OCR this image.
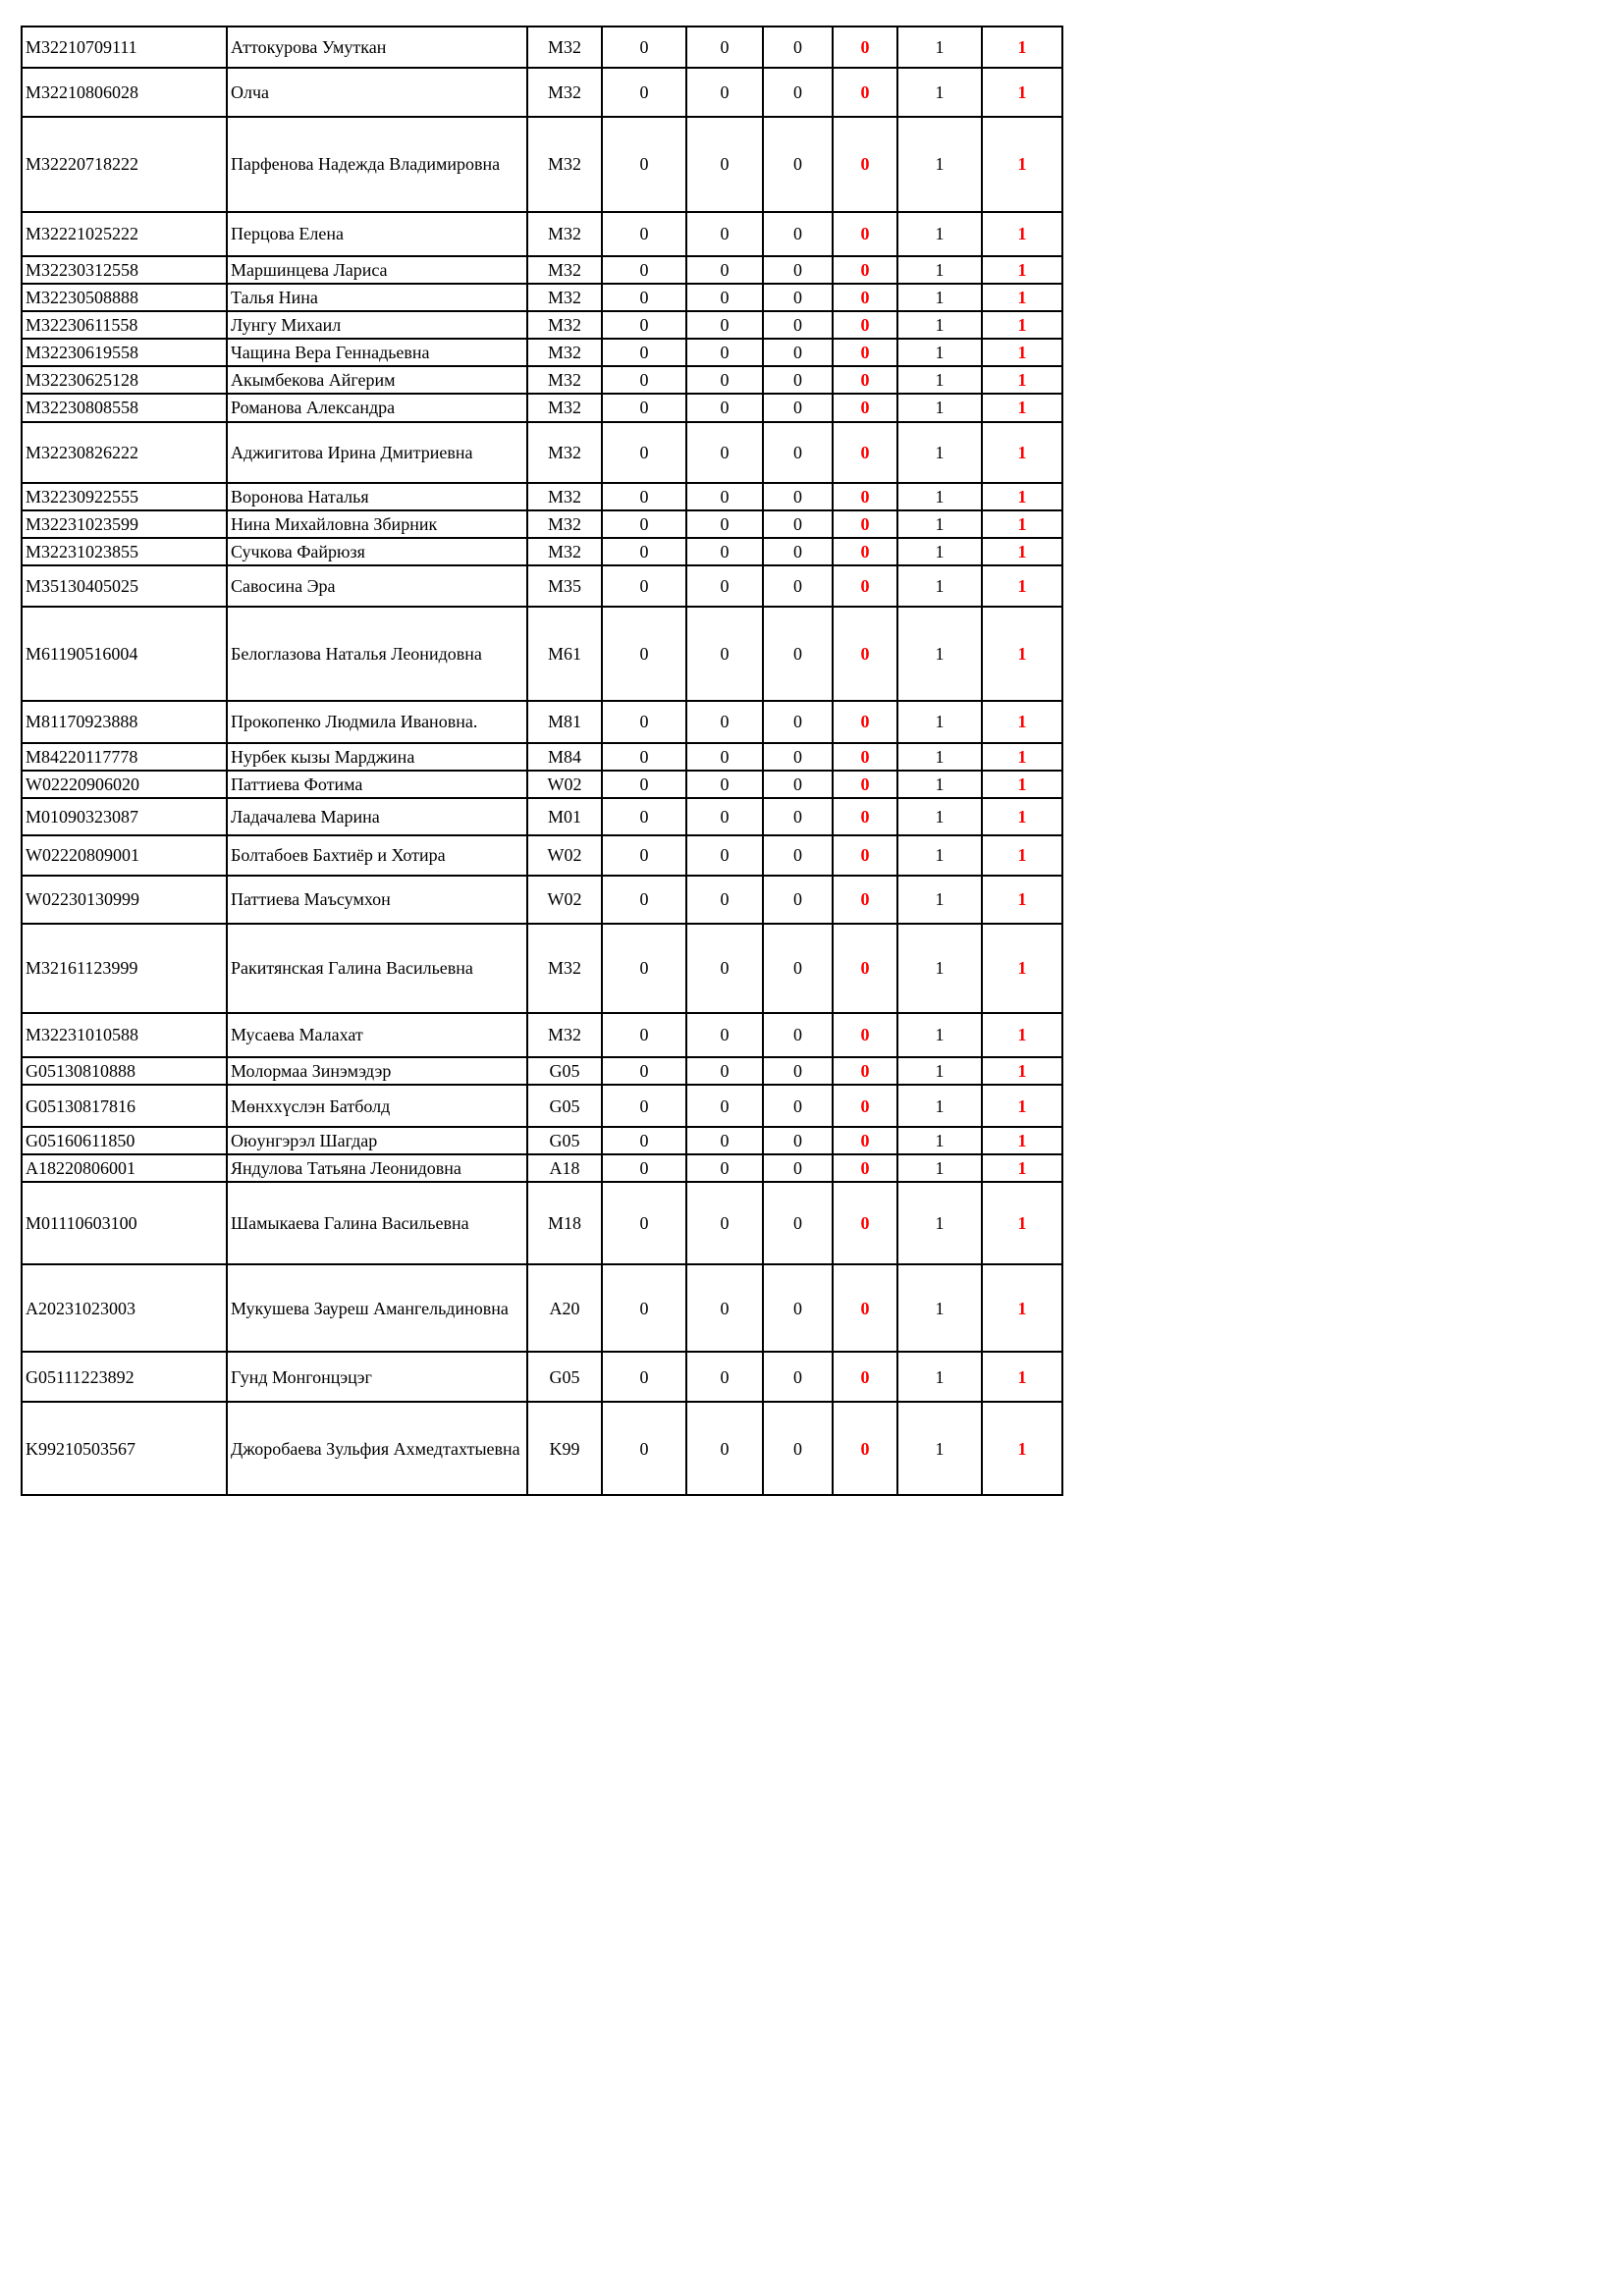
M32210709111	Аттокурова Умуткан	M32	0	0	0	0	1	1
M32210806028	Олча	M32	0	0	0	0	1	1
M32220718222	Парфенова Надежда Владимировна	M32	0	0	0	0	1	1
M32221025222	Перцова Елена	M32	0	0	0	0	1	1
M32230312558	Маршинцева Лариса	M32	0	0	0	0	1	1
M32230508888	Талья Нина	M32	0	0	0	0	1	1
M32230611558	Лунгу Михаил	M32	0	0	0	0	1	1
M32230619558	Чащина Вера Геннадьевна	M32	0	0	0	0	1	1
M32230625128	Акымбекова Айгерим	M32	0	0	0	0	1	1
M32230808558	Романова Александра	M32	0	0	0	0	1	1
M32230826222	Аджигитова Ирина Дмитриевна	M32	0	0	0	0	1	1
M32230922555	Воронова Наталья	M32	0	0	0	0	1	1
M32231023599	Нина Михайловна Збирник	M32	0	0	0	0	1	1
M32231023855	Сучкова Файрюзя	M32	0	0	0	0	1	1
M35130405025	Савосина Эра	M35	0	0	0	0	1	1
M61190516004	Белоглазова Наталья Леонидовна	M61	0	0	0	0	1	1
M81170923888	Прокопенко Людмила Ивановна.	M81	0	0	0	0	1	1
M84220117778	Нурбек кызы Марджина	M84	0	0	0	0	1	1
W02220906020	Паттиева Фотима	W02	0	0	0	0	1	1
M01090323087	Ладачалева Марина	M01	0	0	0	0	1	1
W02220809001	Болтабоев Бахтиёр и Хотира	W02	0	0	0	0	1	1
W02230130999	Паттиева Маъсумхон	W02	0	0	0	0	1	1
M32161123999	Ракитянская Галина Васильевна	M32	0	0	0	0	1	1
M32231010588	Мусаева Малахат	M32	0	0	0	0	1	1
G05130810888	Молормаа Зинэмэдэр	G05	0	0	0	0	1	1
G05130817816	Мөнххүслэн Батболд	G05	0	0	0	0	1	1
G05160611850	Оюунгэрэл Шагдар	G05	0	0	0	0	1	1
A18220806001	Яндулова Татьяна Леонидовна	A18	0	0	0	0	1	1
M01110603100	Шамыкаева Галина Васильевна	M18	0	0	0	0	1	1
A20231023003	Мукушева Зауреш Амангельдиновна	A20	0	0	0	0	1	1
G05111223892	Гунд Монгонцэцэг	G05	0	0	0	0	1	1
K99210503567	Джоробаева Зульфия Ахмедтахтыевна	K99	0	0	0	0	1	1
